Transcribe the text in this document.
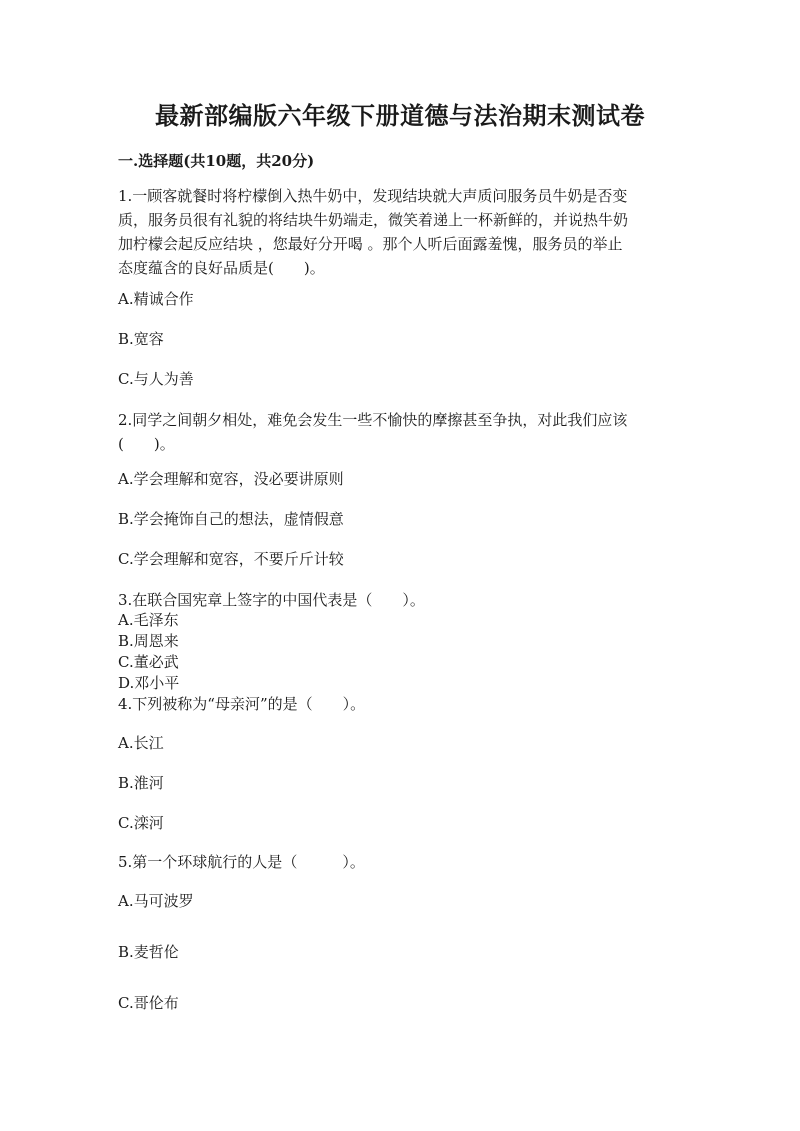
最新部编版六年级下册道德与法治期末测试卷
一.选择题(共10题，共20分)
1.一顾客就餐时将柠檬倒入热牛奶中，发现结块就大声质问服务员牛奶是否变
质，服务员很有礼貌的将结块牛奶端走，微笑着递上一杯新鲜的，并说热牛奶
加柠檬会起反应结块 ，您最好分开喝 。那个人听后面露羞愧，服务员的举止
态度蕴含的良好品质是(　　)。
A.精诚合作
B.宽容
C.与人为善
2.同学之间朝夕相处，难免会发生一些不愉快的摩擦甚至争执，对此我们应该
(　　)。
A.学会理解和宽容，没必要讲原则
B.学会掩饰自己的想法，虚情假意
C.学会理解和宽容，不要斤斤计较
3.在联合国宪章上签字的中国代表是（　　）。
A.毛泽东
B.周恩来
C.董必武
D.邓小平
4.下列被称为“母亲河”的是（　　）。
A.长江
B.淮河
C.滦河
5.第一个环球航行的人是（　　　）。
A.马可波罗
B.麦哲伦
C.哥伦布
